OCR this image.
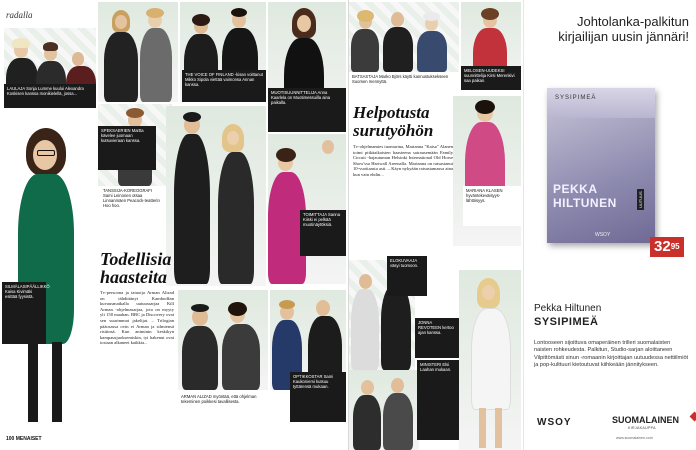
radalla
LAULAJA Sonja Lumme kuului Alexandra Koskisen kanssa monikielellä, jossa...
SILMÄLASIPÄÄLLIKKÖ Kaisa Kivimäki esittää fyysistä.
THE VOICE OF FINLAND -kisan voittanut Mikko Sipola viettää vaimonsa Annan kanssa.
MUOTISUUNNITTELIJA Anna Kaarlela on Muotimessuilla aina paikalla.
SPEKSAERIEN Martta kävelee juomaan kutsuvieraan kanssa.
TANSSIJA-KOREOGRAFI Sami Leinonen otsaa Linnanmäen Peacock-teatterin Hoo hoo.
TOIMITTAJA Sanna Kiiski ei pelkää muotinäytöksiä.
Todellisia
haasteita
Tv-persoona ja tatuoija Arman Alizad on tähdittänyt Kambodžan kuvausmatkalla uutuussarjaa Kill Arman -ohjelmasarjaa, jota on myyty yli 150 maahan. BBC ja Discovery ovat sen suurimmat jakelijat. – Trilogian pääosassa ovin ei Arman ja silmiensä ristiinsä. Kun animinin keskikyn kampausjuoksemiskin, tyi hakenut ovat tosiaan alkaneet kaikkia...
ARMAN ALIZAD myöntää, että ohjelman tekeminen poikkesi tavallisesta.
OPTIKKOSTAR Sami Kaukoniemi kutsuu tyttärensä mukaan.
100 MENAISET
BATSASTAJA Marko Björs käytti kannustuksekseen Suomen mennyttä.
MELOSEN-UUDEKSI suunnittelija Kirsi Merenkivi saa paikan.
Helpotusta
surutyöhön
Tv-ohjelmamies tuomarina, Marianna "Kaisa" Alanen toimi pitkäaikaisten haasteena sairausemään Family Circuit -hajautuman Helsinki International Old Horse Show'ssa Hartwall Areenalla. Marianna on ratsastanut 10-vuotiaasta asti. – Käyn nykyään ratsastamassa aina kun vain ehdin...
MARIANA KLASEN hyväntekeväisyys- lähtöisyys.
ELOKUVAAJA väsyi tuomoon.
MINISTERI Elsi Laahan mukaan.
JONNA REVOTEEN kertoo ajan kanssa.
Johtolanka-palkitun kirjailijan uusin jännäri!
SYSIPIMEÄ
PEKKA HILTUNEN
WSOY
UUTUUS
$32^{95}$
Pekka Hiltunen
SYSIPIMEÄ
Lontooseen sijoittuva omaperäinen trilleri suomalaisten naisten rohkeudesta. Palkitun, Studio-sarjan aloittaneen Vilpittömästi sinun -romaanin kirjoittajan uutuudessa nettiilmiöt ja pop-kulttuuri kietoutuvat kiihkeään jännitykseen.
WSOY	SUOMALAINEN
KIRJAKAUPPA
www.suomalainen.com
